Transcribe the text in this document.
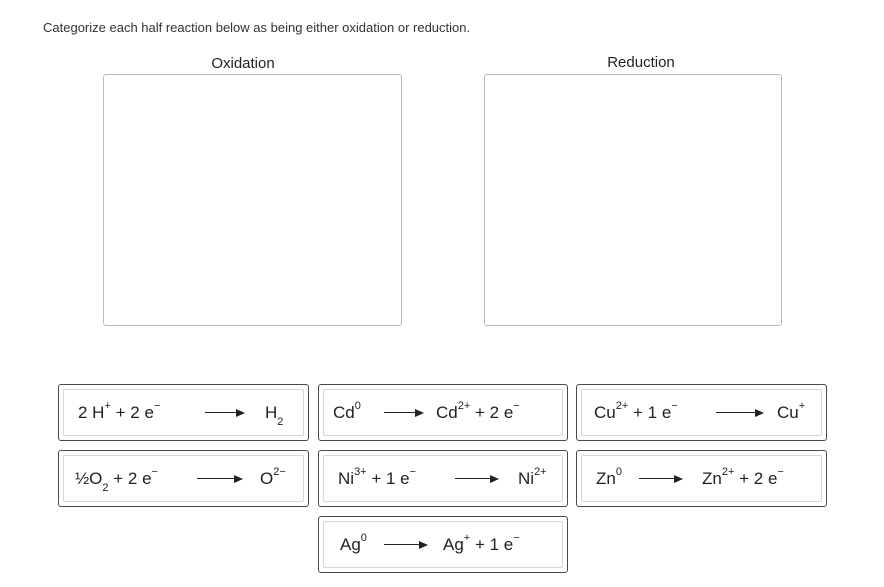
Categorize each half reaction below as being either oxidation or reduction.
Oxidation	Reduction
2 H+ + 2 e−	$H_2$
Cd$^0$	$Cd^{2+} + 2$ e−	$Cu^{2+} + 1$ e−	Cu+
$\frac{1}{2}O_2 + 2$ e−	$O^{2-}$	$Ni^{3+} + 1$ e−	$Ni^{2+}$	Zn$^0$	$Zn^{2+} + 2$ e−
Ag$^0$	Ag+ + 1 e−
